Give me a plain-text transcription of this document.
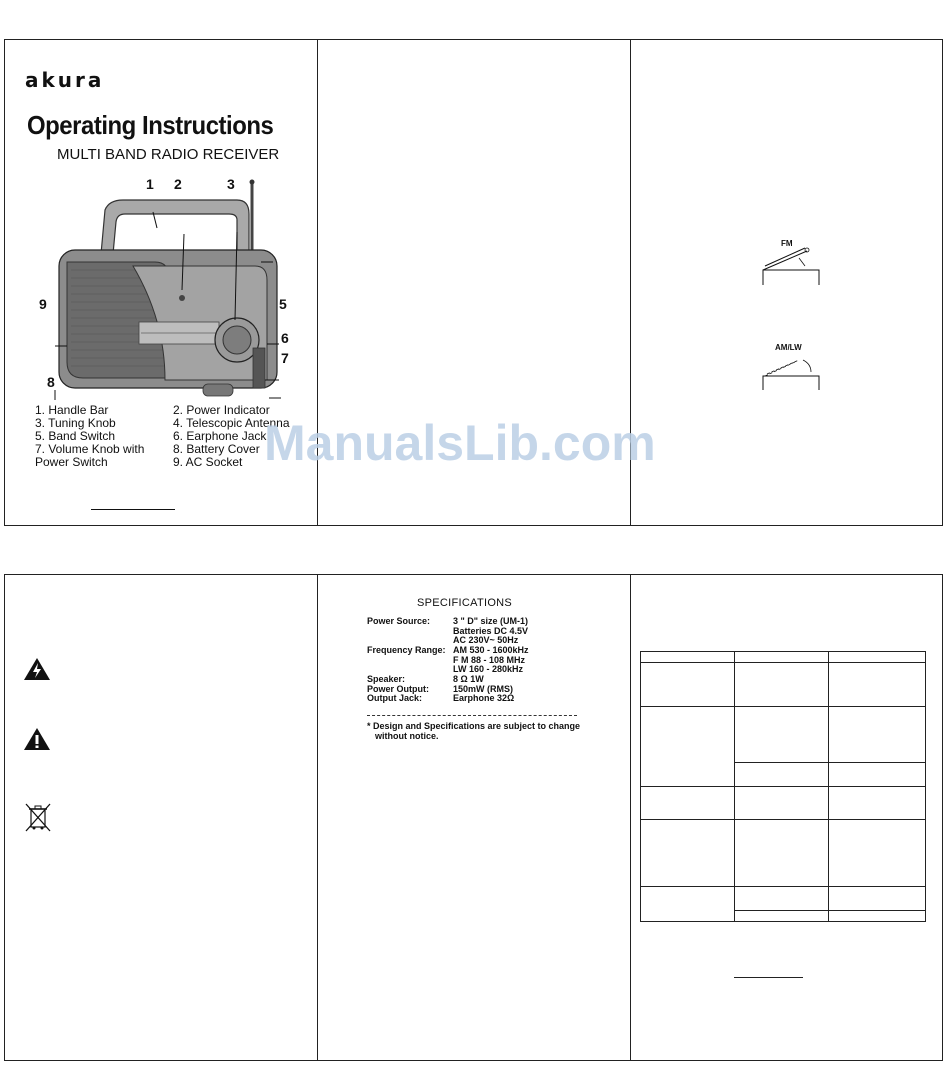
akura
Operating Instructions
MULTI BAND RADIO RECEIVER
1 2	3
9	5
6
7
8
1. Handle Bar	2. Power Indicator
3. Tuning Knob	4. Telescopic Antenna
5. Band Switch	6. Earphone Jack
7. Volume Knob with	8. Battery Cover
Power Switch	9. AC Socket
FM
AM/LW
ManualsLib.com
SPECIFICATIONS
Power Source:	3 " D" size (UM-1)
Batteries DC 4.5V
AC 230V~ 50Hz
Frequency Range: AM 530 - 1600kHz
F M 88 - 108 MHz
LW 160 - 280kHz
Speaker:	8 Ω 1W
Power Output:	150mW (RMS)
Output Jack:	Earphone 32Ω
* Design and Specifications are subject to change
without notice.
